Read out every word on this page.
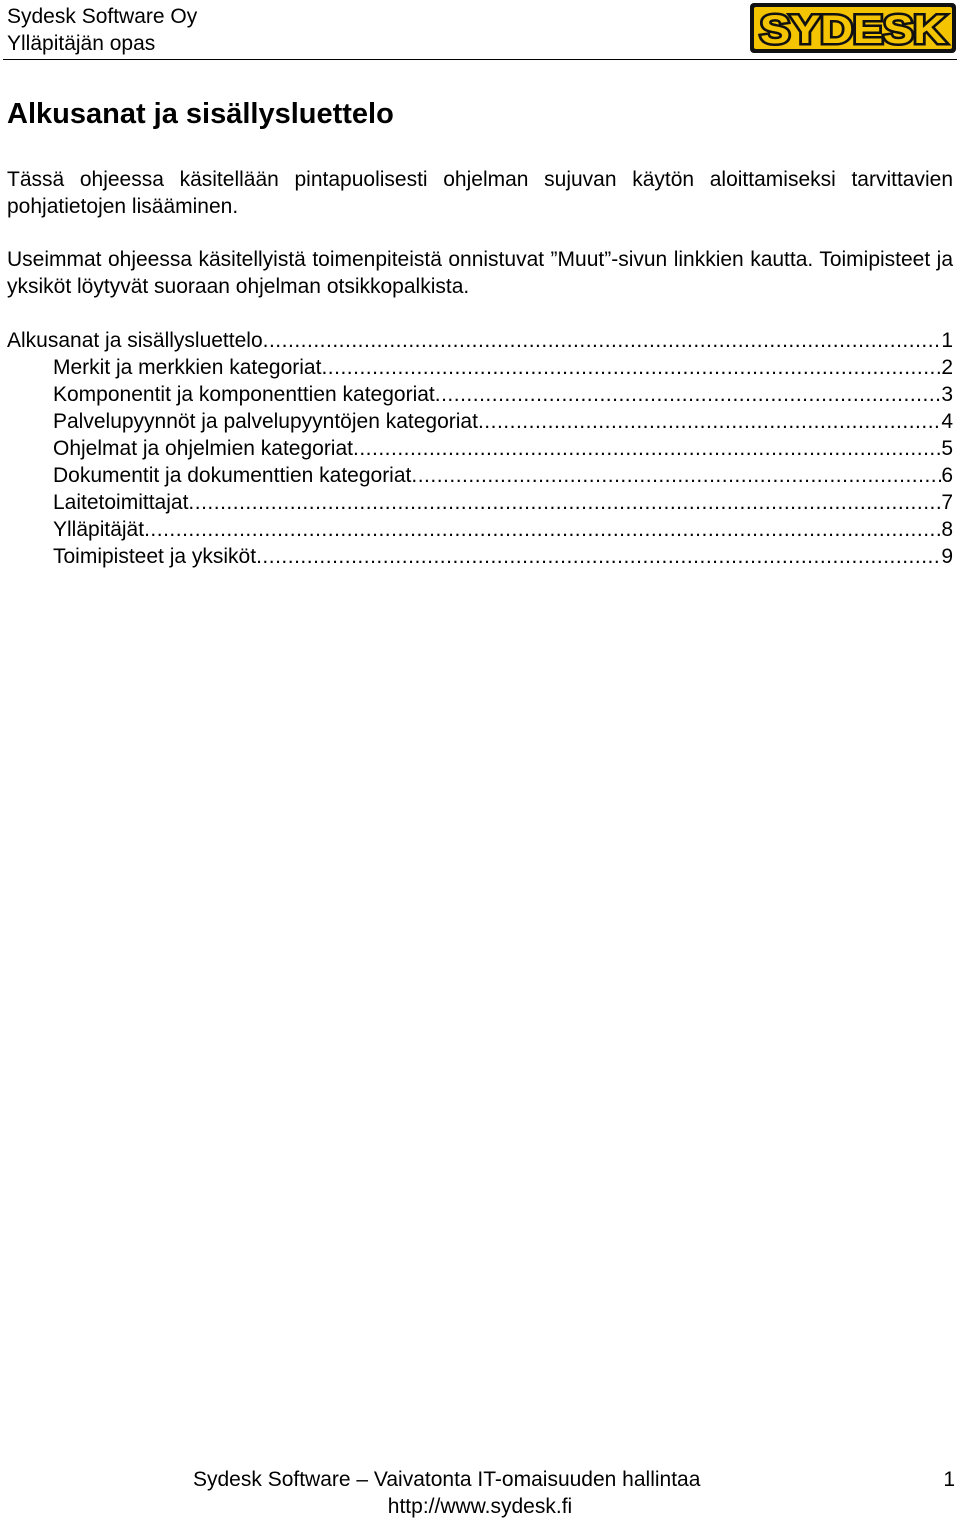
Sydesk Software Oy
Ylläpitäjän opas	SYDESK
Alkusanat ja sisällysluettelo

Tässä ohjeessa käsitellään pintapuolisesti ohjelman sujuvan käytön aloittamiseksi tarvittavien pohjatietojen lisääminen.

Useimmat ohjeessa käsitellyistä toimenpiteistä onnistuvat ”Muut”-sivun linkkien kautta. Toimipisteet ja yksiköt löytyvät suoraan ohjelman otsikkopalkista.

Alkusanat ja sisällysluettelo .....	1
Merkit ja merkkien kategoriat .....	2
Komponentit ja komponenttien kategoriat .....	3
Palvelupyynnöt ja palvelupyyntöjen kategoriat .....	4
Ohjelmat ja ohjelmien kategoriat .....	5
Dokumentit ja dokumenttien kategoriat .....	6
Laitetoimittajat .....	7
Ylläpitäjät .....	8
Toimipisteet ja yksiköt .....	9
Sydesk Software – Vaivatonta IT-omaisuuden hallintaa	1
http://www.sydesk.fi
